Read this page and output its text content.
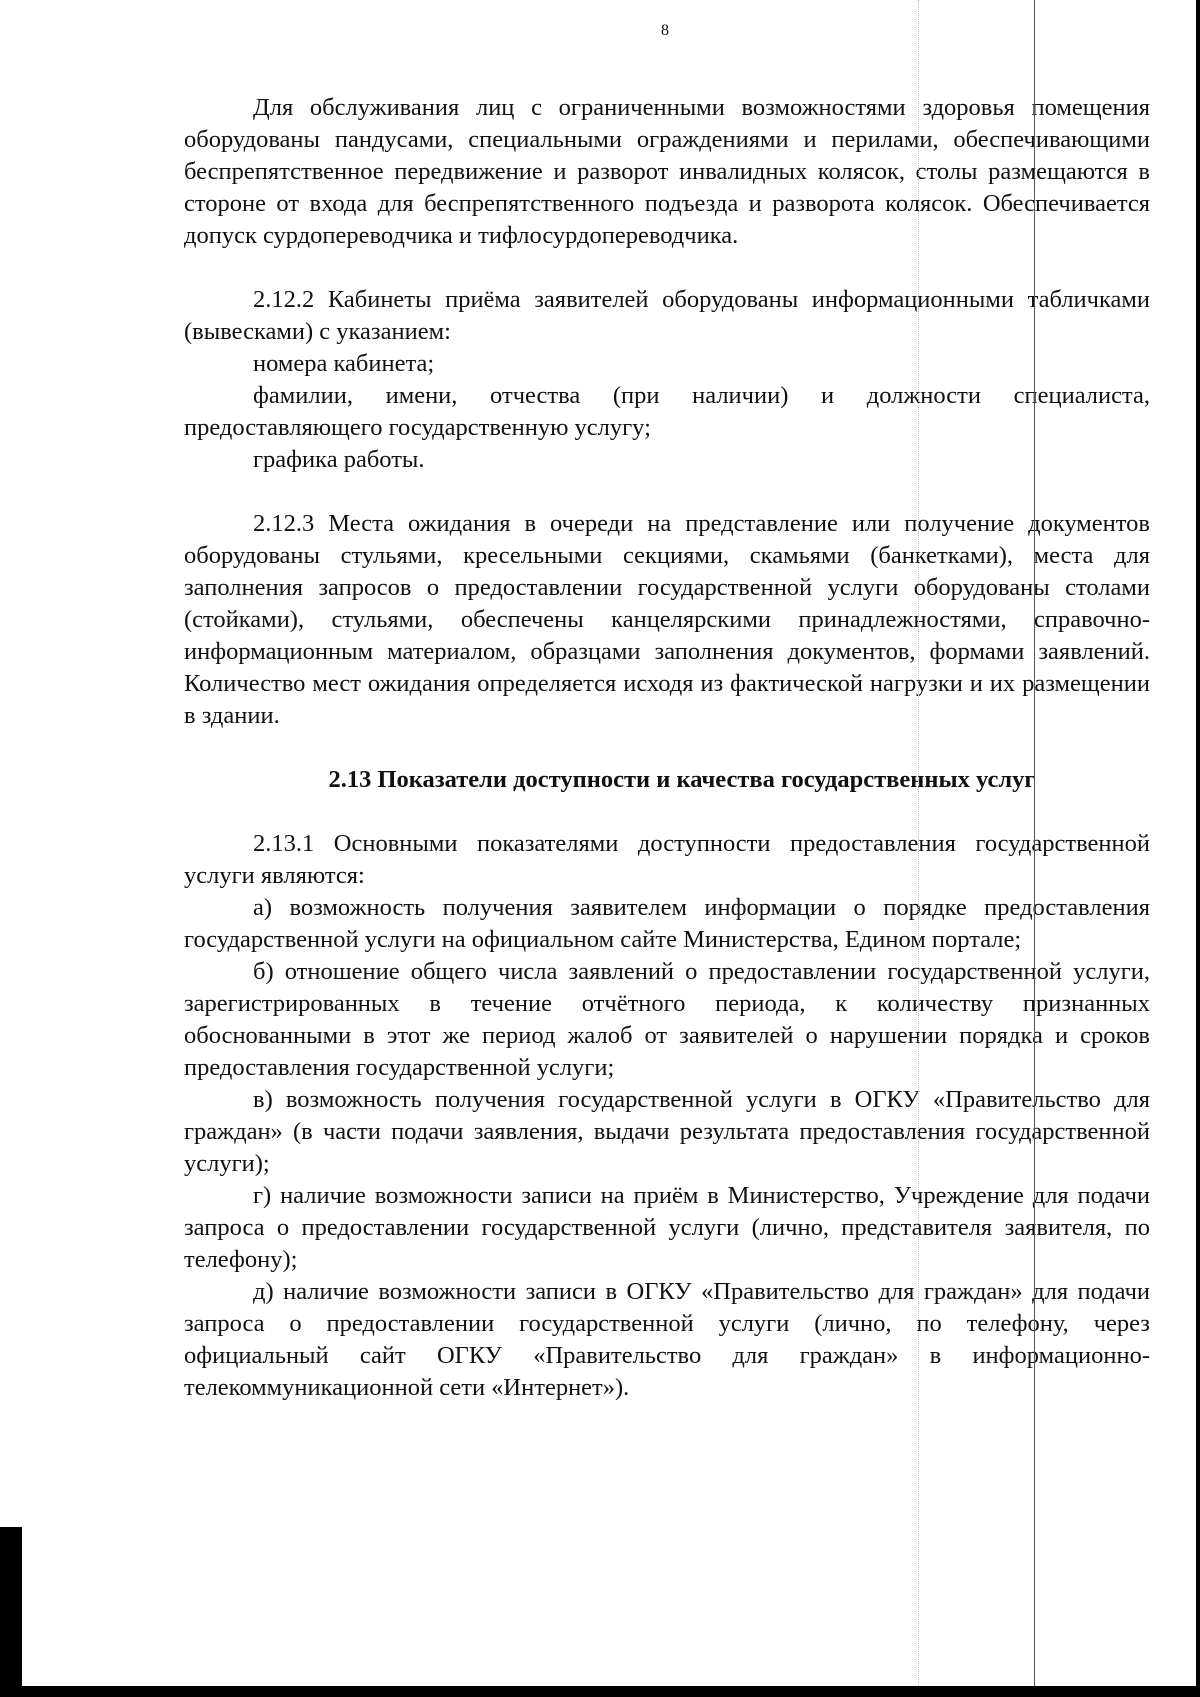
8

Для обслуживания лиц с ограниченными возможностями здоровья помещения оборудованы пандусами, специальными ограждениями и перилами, обеспечивающими беспрепятственное передвижение и разворот инвалидных колясок, столы размещаются в стороне от входа для беспрепятственного подъезда и разворота колясок. Обеспечивается допуск сурдопереводчика и тифлосурдопереводчика.

2.12.2 Кабинеты приёма заявителей оборудованы информационными табличками (вывесками) с указанием:

номера кабинета;

фамилии, имени, отчества (при наличии) и должности специалиста, предоставляющего государственную услугу;

графика работы.

2.12.3 Места ожидания в очереди на представление или получение документов оборудованы стульями, кресельными секциями, скамьями (банкетками), места для заполнения запросов о предоставлении государственной услуги оборудованы столами (стойками), стульями, обеспечены канцелярскими принадлежностями, справочно-информационным материалом, образцами заполнения документов, формами заявлений. Количество мест ожидания определяется исходя из фактической нагрузки и их размещении в здании.

2.13 Показатели доступности и качества государственных услуг

2.13.1 Основными показателями доступности предоставления государственной услуги являются:

а) возможность получения заявителем информации о порядке предоставления государственной услуги на официальном сайте Министерства, Едином портале;

б) отношение общего числа заявлений о предоставлении государственной услуги, зарегистрированных в течение отчётного периода, к количеству признанных обоснованными в этот же период жалоб от заявителей о нарушении порядка и сроков предоставления государственной услуги;

в) возможность получения государственной услуги в ОГКУ «Правительство для граждан» (в части подачи заявления, выдачи результата предоставления государственной услуги);

г) наличие возможности записи на приём в Министерство, Учреждение для подачи запроса о предоставлении государственной услуги (лично, представителя заявителя, по телефону);

д) наличие возможности записи в ОГКУ «Правительство для граждан» для подачи запроса о предоставлении государственной услуги (лично, по телефону, через официальный сайт ОГКУ «Правительство для граждан» в информационно-телекоммуникационной сети «Интернет»).
